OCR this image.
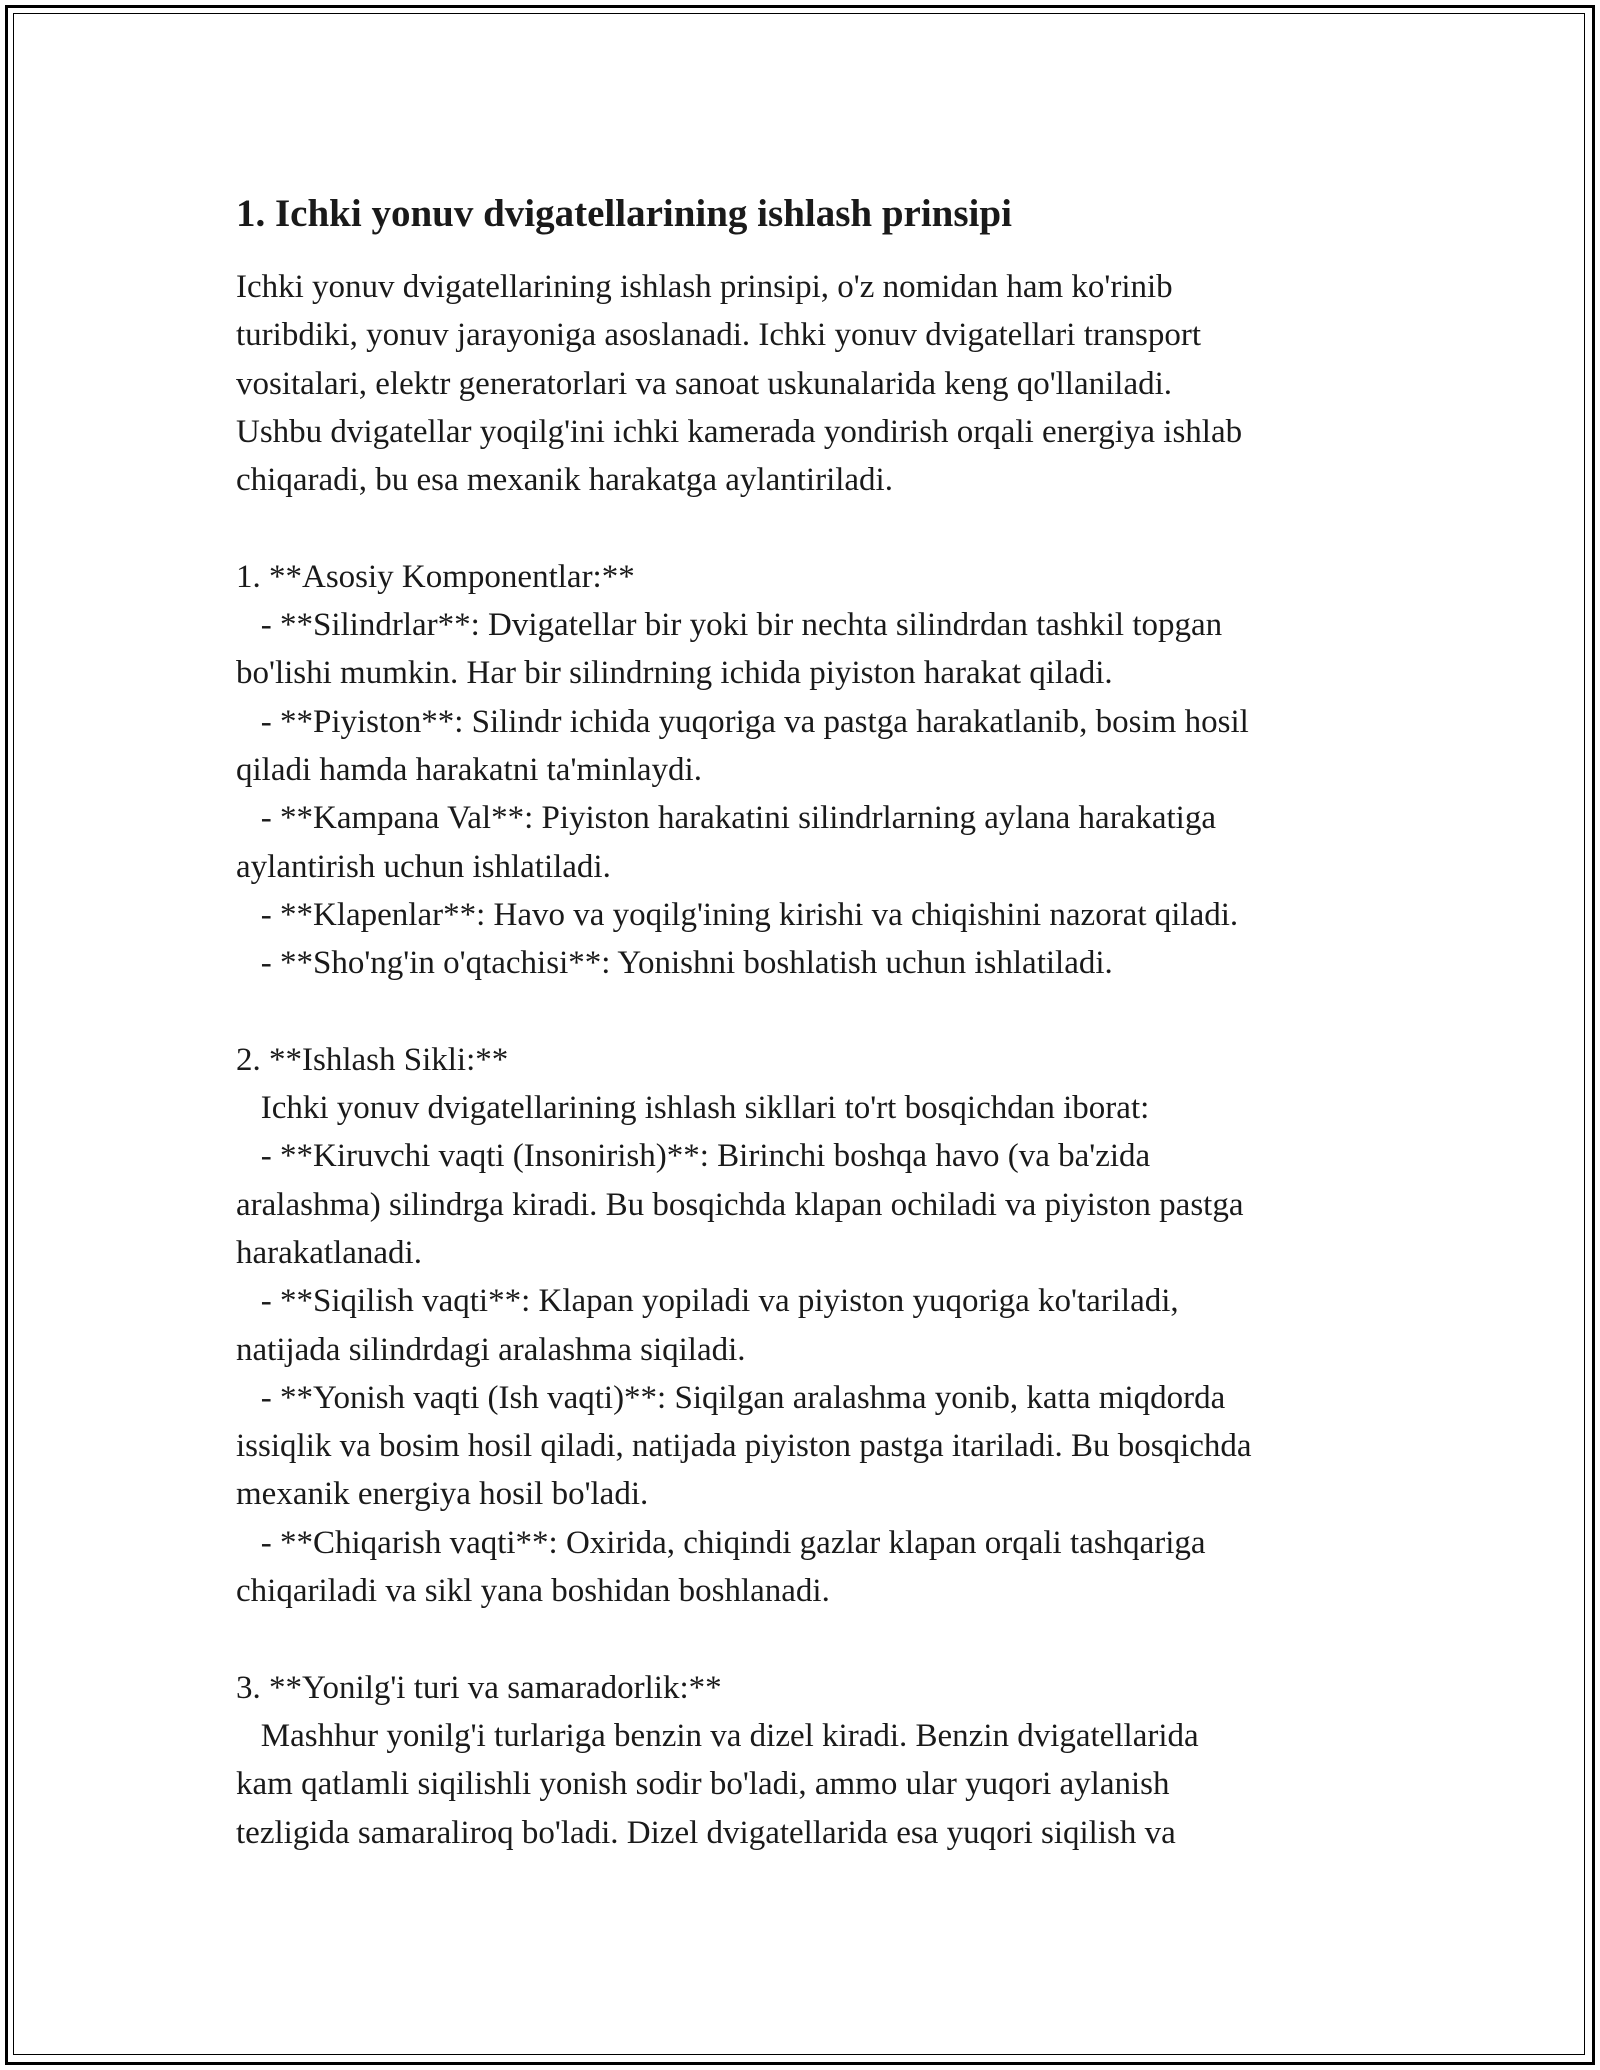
1. Ichki yonuv dvigatellarining ishlash prinsipi

Ichki yonuv dvigatellarining ishlash prinsipi, o'z nomidan ham ko'rinib
turibdiki, yonuv jarayoniga asoslanadi. Ichki yonuv dvigatellari transport
vositalari, elektr generatorlari va sanoat uskunalarida keng qo'llaniladi.
Ushbu dvigatellar yoqilg'ini ichki kamerada yondirish orqali energiya ishlab
chiqaradi, bu esa mexanik harakatga aylantiriladi.

1. **Asosiy Komponentlar:**
- **Silindrlar**: Dvigatellar bir yoki bir nechta silindrdan tashkil topgan
bo'lishi mumkin. Har bir silindrning ichida piyiston harakat qiladi.
- **Piyiston**: Silindr ichida yuqoriga va pastga harakatlanib, bosim hosil
qiladi hamda harakatni ta'minlaydi.
- **Kampana Val**: Piyiston harakatini silindrlarning aylana harakatiga
aylantirish uchun ishlatiladi.
- **Klapenlar**: Havo va yoqilg'ining kirishi va chiqishini nazorat qiladi.
- **Sho'ng'in o'qtachisi**: Yonishni boshlatish uchun ishlatiladi.

2. **Ishlash Sikli:**
Ichki yonuv dvigatellarining ishlash sikllari to'rt bosqichdan iborat:
- **Kiruvchi vaqti (Insonirish)**: Birinchi boshqa havo (va ba'zida
aralashma) silindrga kiradi. Bu bosqichda klapan ochiladi va piyiston pastga
harakatlanadi.
- **Siqilish vaqti**: Klapan yopiladi va piyiston yuqoriga ko'tariladi,
natijada silindrdagi aralashma siqiladi.
- **Yonish vaqti (Ish vaqti)**: Siqilgan aralashma yonib, katta miqdorda
issiqlik va bosim hosil qiladi, natijada piyiston pastga itariladi. Bu bosqichda
mexanik energiya hosil bo'ladi.
- **Chiqarish vaqti**: Oxirida, chiqindi gazlar klapan orqali tashqariga
chiqariladi va sikl yana boshidan boshlanadi.

3. **Yonilg'i turi va samaradorlik:**
Mashhur yonilg'i turlariga benzin va dizel kiradi. Benzin dvigatellarida
kam qatlamli siqilishli yonish sodir bo'ladi, ammo ular yuqori aylanish
tezligida samaraliroq bo'ladi. Dizel dvigatellarida esa yuqori siqilish va
